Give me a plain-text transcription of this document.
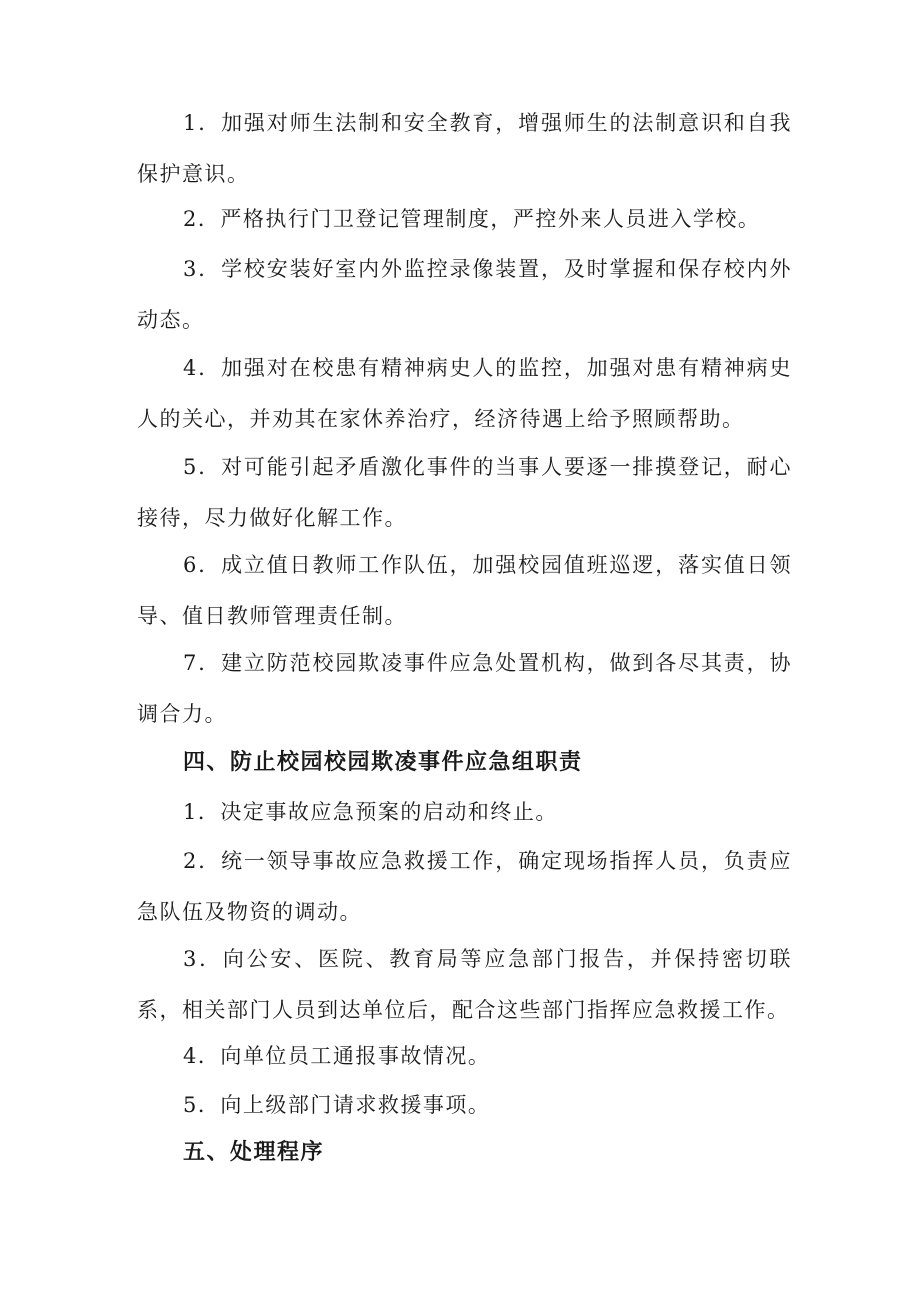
1．加强对师生法制和安全教育，增强师生的法制意识和自我保护意识。

2．严格执行门卫登记管理制度，严控外来人员进入学校。

3．学校安装好室内外监控录像装置，及时掌握和保存校内外动态。

4．加强对在校患有精神病史人的监控，加强对患有精神病史人的关心，并劝其在家休养治疗，经济待遇上给予照顾帮助。

5．对可能引起矛盾激化事件的当事人要逐一排摸登记，耐心接待，尽力做好化解工作。

6．成立值日教师工作队伍，加强校园值班巡逻，落实值日领导、值日教师管理责任制。

7．建立防范校园欺凌事件应急处置机构，做到各尽其责，协调合力。

四、防止校园校园欺凌事件应急组职责

1．决定事故应急预案的启动和终止。

2．统一领导事故应急救援工作，确定现场指挥人员，负责应急队伍及物资的调动。

3．向公安、医院、教育局等应急部门报告，并保持密切联系，相关部门人员到达单位后，配合这些部门指挥应急救援工作。

4．向单位员工通报事故情况。

5．向上级部门请求救援事项。

五、处理程序
